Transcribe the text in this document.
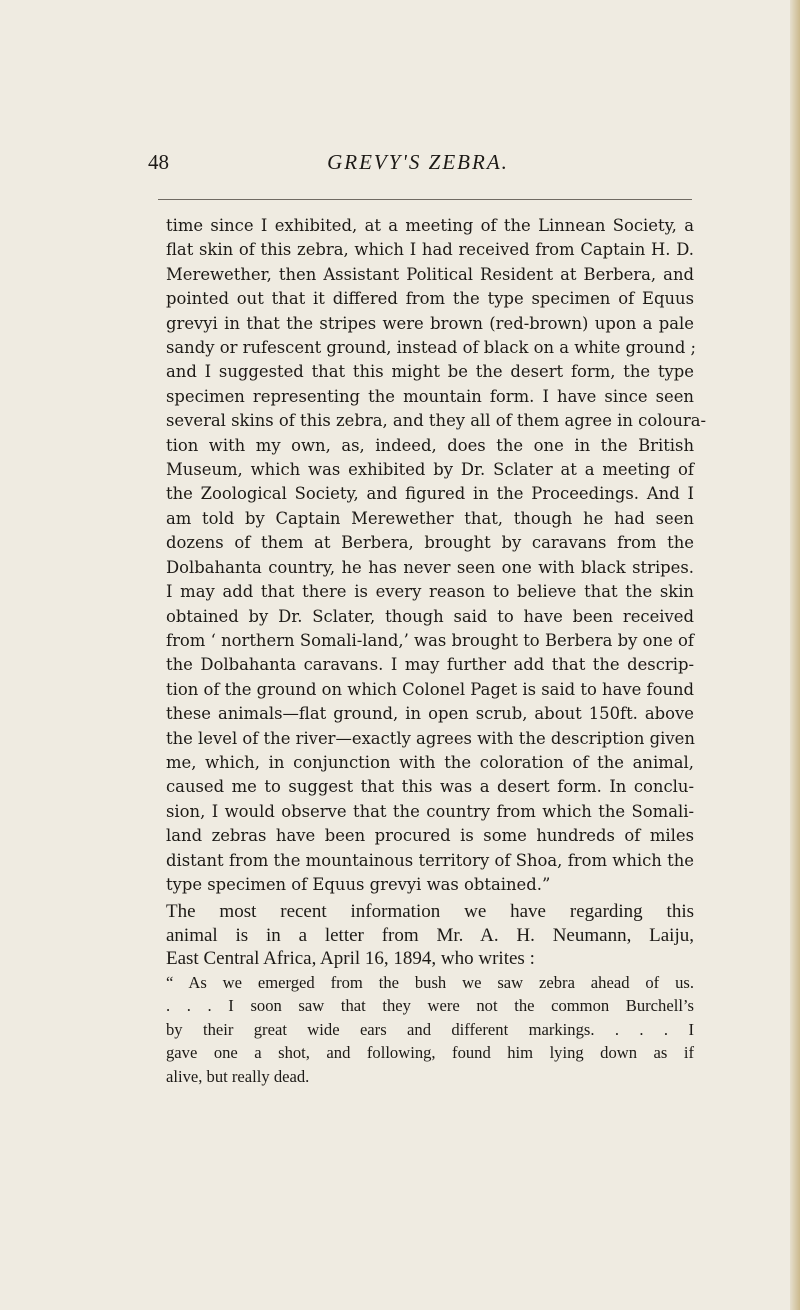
48	GREVY'S ZEBRA.
time since I exhibited, at a meeting of the Linnean Society, a
flat skin of this zebra, which I had received from Captain H. D.
Merewether, then Assistant Political Resident at Berbera, and
pointed out that it differed from the type specimen of Equus
grevyi in that the stripes were brown (red-brown) upon a pale
sandy or rufescent ground, instead of black on a white ground ;
and I suggested that this might be the desert form, the type
specimen representing the mountain form. I have since seen
several skins of this zebra, and they all of them agree in coloura-
tion with my own, as, indeed, does the one in the British
Museum, which was exhibited by Dr. Sclater at a meeting of
the Zoological Society, and figured in the Proceedings. And I
am told by Captain Merewether that, though he had seen
dozens of them at Berbera, brought by caravans from the
Dolbahanta country, he has never seen one with black stripes.
I may add that there is every reason to believe that the skin
obtained by Dr. Sclater, though said to have been received
from ‘ northern Somali-land,’ was brought to Berbera by one of
the Dolbahanta caravans. I may further add that the descrip-
tion of the ground on which Colonel Paget is said to have found
these animals—flat ground, in open scrub, about 150ft. above
the level of the river—exactly agrees with the description given
me, which, in conjunction with the coloration of the animal,
caused me to suggest that this was a desert form. In conclu-
sion, I would observe that the country from which the Somali-
land zebras have been procured is some hundreds of miles
distant from the mountainous territory of Shoa, from which the
type specimen of Equus grevyi was obtained.”
The most recent information we have regarding this
animal is in a letter from Mr. A. H. Neumann, Laiju,
East Central Africa, April 16, 1894, who writes :
“ As we emerged from the bush we saw zebra ahead of us.
. . . I soon saw that they were not the common Burchell’s
by their great wide ears and different markings. . . . I
gave one a shot, and following, found him lying down as if
alive, but really dead.
